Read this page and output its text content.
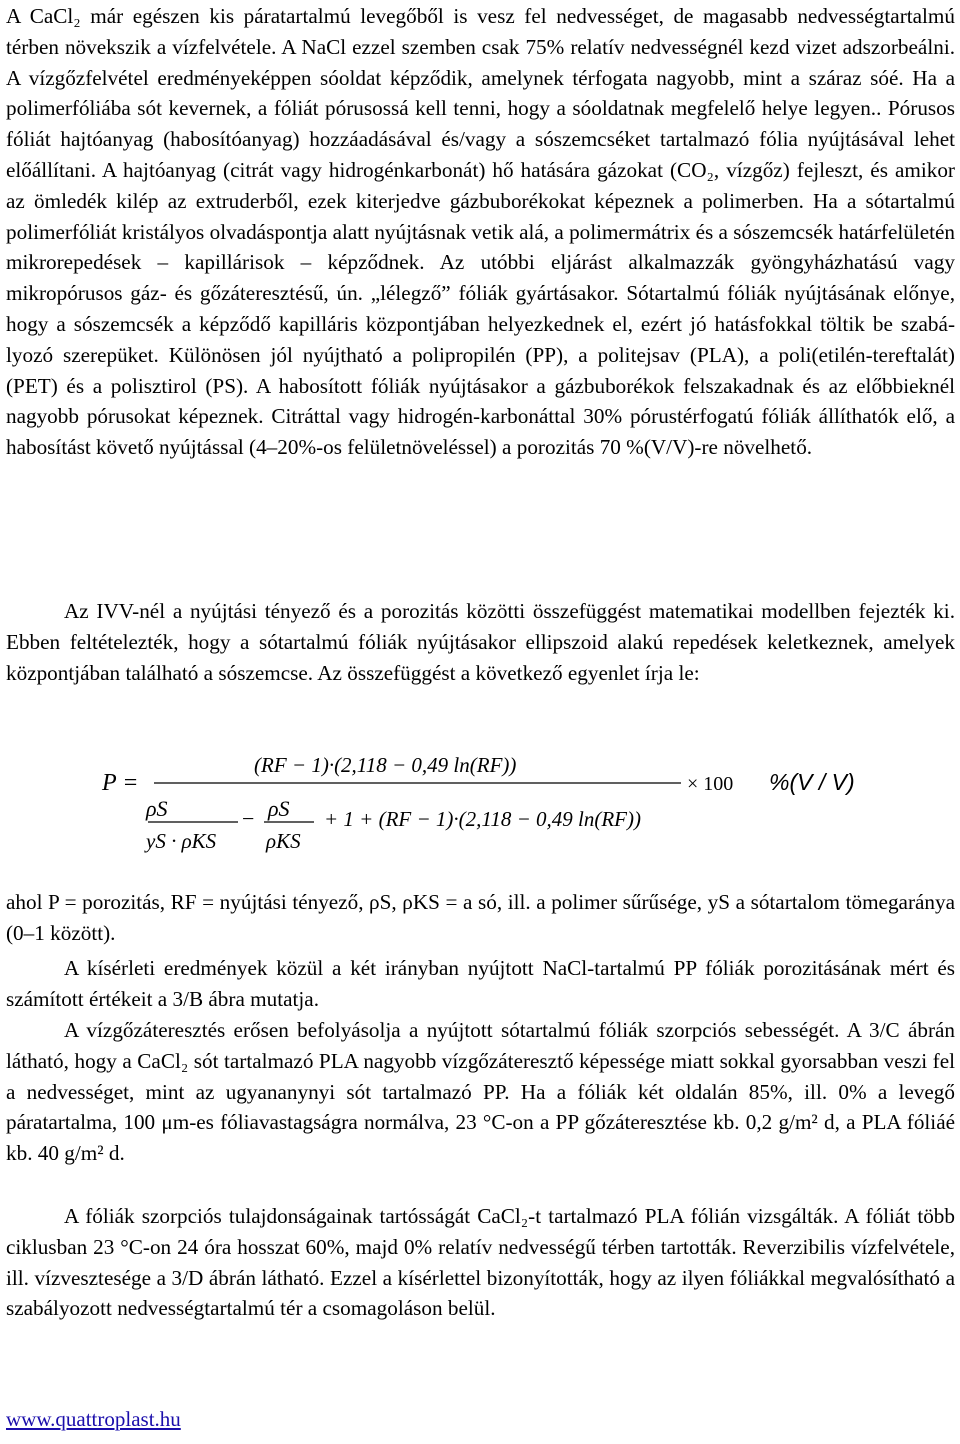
A CaCl₂ már egészen kis páratartalmú levegőből is vesz fel nedvességet, de magasabb nedvességtartalmú térben növekszik a vízfelvétele. A NaCl ezzel szemben csak 75% relatív nedvességnél kezd vizet adszorbeálni. A vízgőzfelvétel eredményeképpen sóoldat képződik, amelynek térfogata nagyobb, mint a száraz sóé. Ha a polimerfóliába sót kevernek, a fóliát pórusossá kell tenni, hogy a sóoldatnak megfelelő helye legyen.. Pórusos fóliát hajtóanyag (habosítóanyag) hozzáadásával és/vagy a sószemcséket tartalmazó fólia nyújtásával lehet előállítani. A hajtóanyag (citrát vagy hidrogénkarbonát) hő hatására gázokat (CO₂, vízgőz) fejleszt, és amikor az ömledék kilép az extruderből, ezek kiterjedve gázbuborékokat képeznek a polimerben. Ha a sótartalmú polimerfóliát kristályos olvadáspontja alatt nyújtásnak vetik alá, a polimermátrix és a sószemcsék határfelületén mikrorepedések – kapillárisok – képződnek. Az utóbbi eljárást alkalmazzák gyöngyházhatású vagy mikropórusos gáz- és gőzáteresztésű, ún. „lélegző” fóliák gyártásakor. Sótartalmú fóliák nyújtásának előnye, hogy a sószemcsék a képződő kapilláris központjában helyezkednek el, ezért jó hatásfokkal töltik be szabályozó szerepüket. Különösen jól nyújtható a polipropilén (PP), a politejsav (PLA), a poli(etilén-tereftalát) (PET) és a polisztirol (PS). A habosított fóliák nyújtásakor a gázbuborékok felszakadnak és az előbbieknél nagyobb pórusokat képeznek. Citráttal vagy hidrogén-karbonáttal 30% pórustérfogatú fóliák állíthatók elő, a habosítást követő nyújtással (4–20%-os felületnöveléssel) a porozitás 70 %(V/V)-re növelhető.

Az IVV-nél a nyújtási tényező és a porozitás közötti összefüggést matematikai modellben fejezték ki. Ebben feltételezték, hogy a sótartalmú fóliák nyújtásakor ellipszoid alakú repedések keletkeznek, amelyek központjában található a sószemcse. Az összefüggést a következő egyenlet írja le:

P =
(RF − 1)·(2,118 − 0,49 ln(RF))
ρS
yS · ρKS
− ρS
ρKS
+ 1 + (RF − 1)·(2,118 − 0,49 ln(RF))
× 100 %(V / V)

ahol P = porozitás, RF = nyújtási tényező, ρS, ρKS = a só, ill. a polimer sűrűsége, yS a sótartalom tömegaránya (0–1 között).

A kísérleti eredmények közül a két irányban nyújtott NaCl-tartalmú PP fóliák porozitásának mért és számított értékeit a 3/B ábra mutatja.

A vízgőzáteresztés erősen befolyásolja a nyújtott sótartalmú fóliák szorpciós sebességét. A 3/C ábrán látható, hogy a CaCl₂ sót tartalmazó PLA nagyobb vízgőzáteresztő képessége miatt sokkal gyorsabban veszi fel a nedvességet, mint az ugyananynyi sót tartalmazó PP. Ha a fóliák két oldalán 85%, ill. 0% a levegő páratartalma, 100 μm-es fóliavastagságra normálva, 23 °C-on a PP gőzáteresztése kb. 0,2 g/m² d, a PLA fóliáé kb. 40 g/m² d.

A fóliák szorpciós tulajdonságainak tartósságát CaCl₂-t tartalmazó PLA fólián vizsgálták. A fóliát több ciklusban 23 °C-on 24 óra hosszat 60%, majd 0% relatív nedvességű térben tartották. Reverzibilis vízfelvétele, ill. vízvesztesége a 3/D ábrán látható. Ezzel a kísérlettel bizonyították, hogy az ilyen fóliákkal megvalósítható a szabályozott nedvességtartalmú tér a csomagoláson belül.

www.quattroplast.hu
